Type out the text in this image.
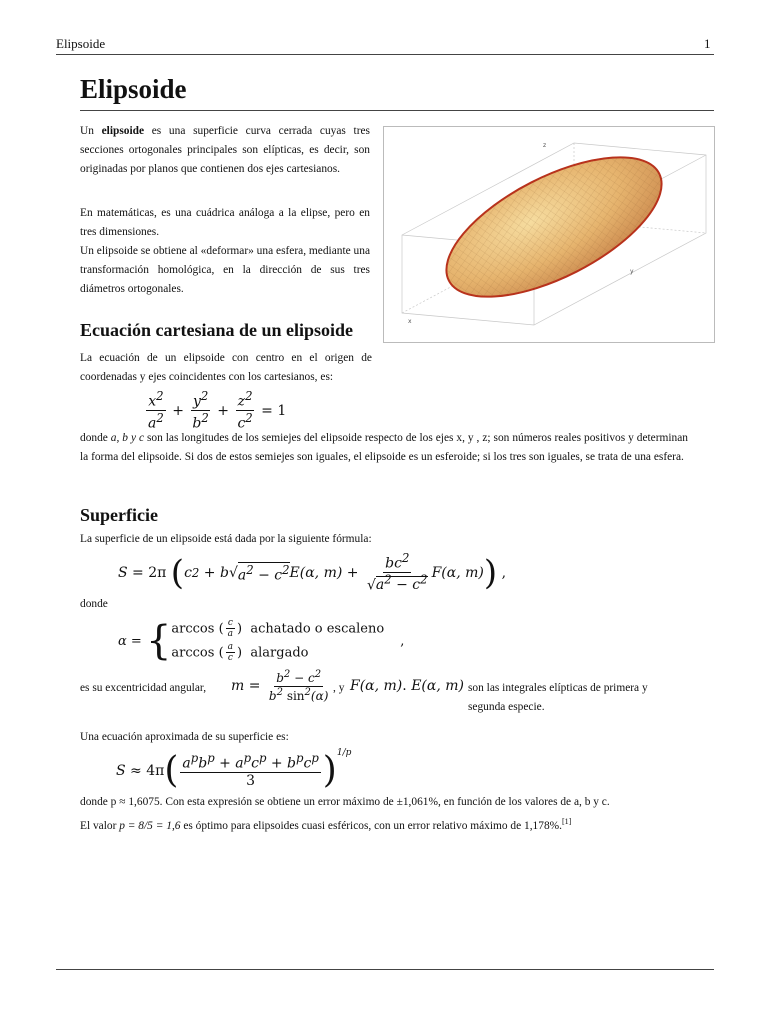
Elipsoide	1
Elipsoide

Un elipsoide es una superficie curva cerrada cuyas tres secciones ortogonales principales son elípticas, es decir, son originadas por planos que contienen dos ejes cartesianos.

En matemáticas, es una cuádrica análoga a la elipse, pero en tres dimensiones.

Un elipsoide se obtiene al «deformar» una esfera, mediante una transformación homológica, en la dirección de sus tres diámetros ortogonales.

z
y
x
Ecuación cartesiana de un elipsoide

La ecuación de un elipsoide con centro en el origen de coordenadas y ejes coincidentes con los cartesianos, es:

$\frac{x^2}{a^2} + \frac{y^2}{b^2} + \frac{z^2}{c^2} = 1$

donde a, b y c son las longitudes de los semiejes del elipsoide respecto de los ejes x, y , z; son números reales positivos y determinan la forma del elipsoide. Si dos de estos semiejes son iguales, el elipsoide es un esferoide; si los tres son iguales, se trata de una esfera.

Superficie

La superficie de un elipsoide está dada por la siguiente fórmula:

S = 2π ( c 2 + b √ $a^2 - c^2$ E(α, $m) + \frac{bc^2}{√a^2 - c^2} F(\alpha$, m) ) ,

donde

α = { arccos ( $\frac{c}{a}$ ) achatado o escaleno
arccos ( $\frac{a}{c}$ ) alargado
,

es su excentricidad angular, $m = \frac{b^2 - c^2}{b^2 \sin^2(\alpha)}$ , y F(α, m). E(α, m) son las integrales elípticas de primera y segunda especie.

Una ecuación aproximada de su superficie es:

S ≈ 4π ( $\frac{a^pb^p + a^pc^p + b^pc^p}{3} )^{1/p}$

donde p ≈ 1,6075. Con esta expresión se obtiene un error máximo de ±1,061%, en función de los valores de a, b y c.

El valor p = 8/5 = 1,6 es óptimo para elipsoides cuasi esféricos, con un error relativo máximo de 1,178%.[1]
